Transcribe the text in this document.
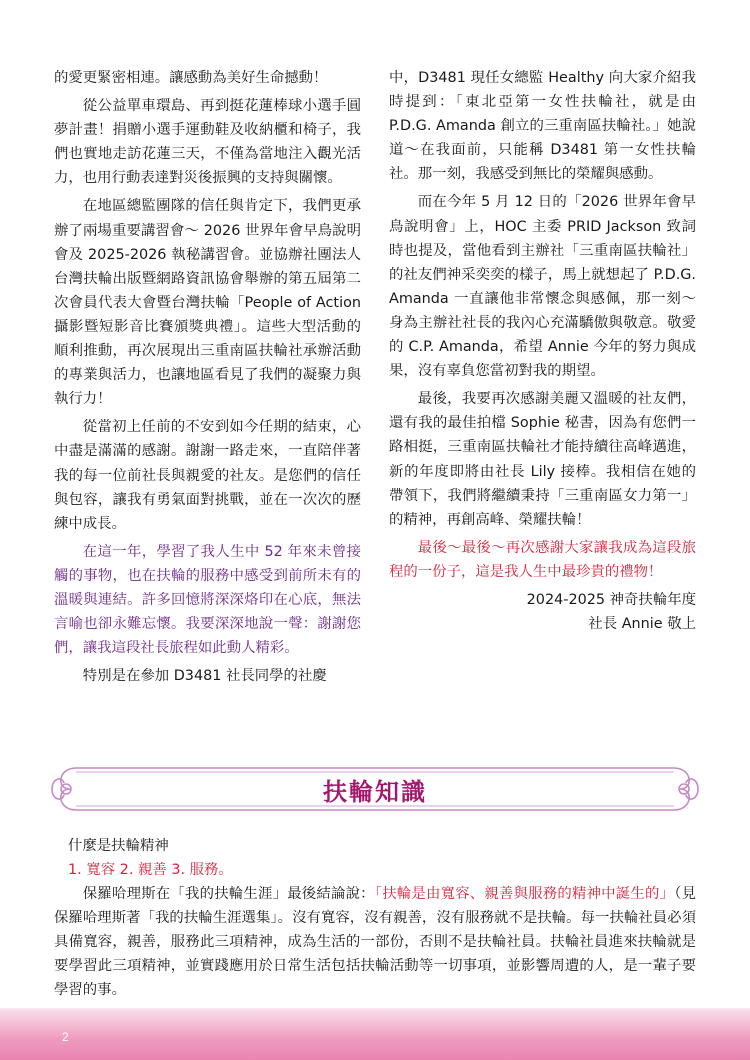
的愛更緊密相連。讓感動為美好生命撼動！

從公益單車環島、再到挺花蓮棒球小選手圓夢計畫！捐贈小選手運動鞋及收納櫃和椅子，我們也實地走訪花蓮三天，不僅為當地注入觀光活力，也用行動表達對災後振興的支持與關懷。

在地區總監團隊的信任與肯定下，我們更承辦了兩場重要講習會～ 2026 世界年會早鳥說明會及 2025-2026 執秘講習會。並協辦社團法人台灣扶輪出版暨網路資訊協會舉辦的第五屆第二次會員代表大會暨台灣扶輪「People of Action 攝影暨短影音比賽頒獎典禮」。這些大型活動的順利推動，再次展現出三重南區扶輪社承辦活動的專業與活力，也讓地區看見了我們的凝聚力與執行力！

從當初上任前的不安到如今任期的結束，心中盡是滿滿的感謝。謝謝一路走來，一直陪伴著我的每一位前社長與親愛的社友。是您們的信任與包容，讓我有勇氣面對挑戰，並在一次次的歷練中成長。

在這一年，學習了我人生中 52 年來未曾接觸的事物，也在扶輪的服務中感受到前所未有的溫暖與連結。許多回憶將深深烙印在心底，無法言喻也卻永難忘懷。我要深深地說一聲：謝謝您們，讓我這段社長旅程如此動人精彩。

特別是在參加 D3481 社長同學的社慶

中，D3481 現任女總監 Healthy 向大家介紹我時提到：「東北亞第一女性扶輪社，就是由 P.D.G. Amanda 創立的三重南區扶輪社。」她說道～在我面前，只能稱 D3481 第一女性扶輪社。那一刻，我感受到無比的榮耀與感動。

而在今年 5 月 12 日的「2026 世界年會早鳥說明會」上，HOC 主委 PRID Jackson 致詞時也提及，當他看到主辦社「三重南區扶輪社」的社友們神采奕奕的樣子，馬上就想起了 P.D.G. Amanda 一直讓他非常懷念與感佩，那一刻～身為主辦社社長的我內心充滿驕傲與敬意。敬愛的 C.P. Amanda，希望 Annie 今年的努力與成果，沒有辜負您當初對我的期望。

最後，我要再次感謝美麗又溫暖的社友們，還有我的最佳拍檔 Sophie 秘書，因為有您們一路相挺，三重南區扶輪社才能持續往高峰邁進，新的年度即將由社長 Lily 接棒。我相信在她的帶領下，我們將繼續秉持「三重南區女力第一」的精神，再創高峰、榮耀扶輪！

最後～最後～再次感謝大家讓我成為這段旅程的一份子，這是我人生中最珍貴的禮物！

2024-2025 神奇扶輪年度
社長 Annie 敬上
扶輪知識

什麼是扶輪精神

1. 寬容 2. 親善 3. 服務。

保羅哈理斯在「我的扶輪生涯」最後結論說：「扶輪是由寬容、親善與服務的精神中誕生的」（見保羅哈理斯著「我的扶輪生涯選集」。沒有寬容，沒有親善，沒有服務就不是扶輪。每一扶輪社員必須具備寬容，親善，服務此三項精神，成為生活的一部份，否則不是扶輪社員。扶輪社員進來扶輪就是要學習此三項精神，並實踐應用於日常生活包括扶輪活動等一切事項，並影響周遭的人，是一輩子要學習的事。

2
